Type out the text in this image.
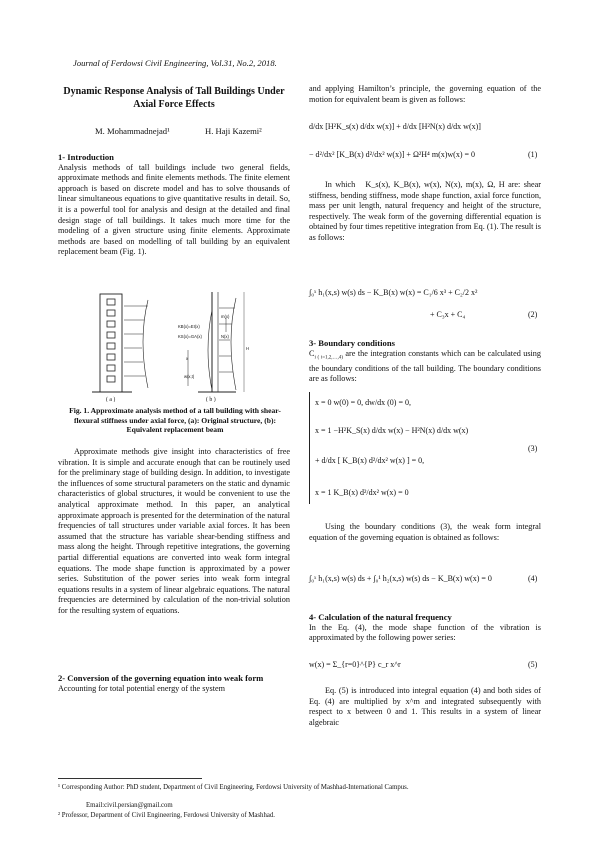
Journal of Ferdowsi Civil Engineering, Vol.31, No.2, 2018.
Dynamic Response Analysis of Tall Buildings Under Axial Force Effects
M. Mohammadnejad¹	H. Haji Kazemi²
1- Introduction

Analysis methods of tall buildings include two general fields, approximate methods and finite elements methods. The finite element approach is based on discrete model and has to solve thousands of linear simultaneous equations to give quantitative results in detail. So, it is a powerful tool for analysis and design at the detailed and final design stage of tall buildings. It takes much more time for the modeling of a given structure using finite elements. Approximate methods are based on modelling of tall building by an equivalent replacement beam (Fig. 1).

KB(x)=EI(x)
KS(x)=GA(x)	N(x)
x
w(x,t)
m(x)
H
( a )	( b )
Fig. 1. Approximate analysis method of a tall building with shear-flexural stiffness under axial force, (a): Original structure, (b): Equivalent replacement beam

Approximate methods give insight into characteristics of free vibration. It is simple and accurate enough that can be routinely used for the preliminary stage of building design. In addition, to investigate the influences of some structural parameters on the static and dynamic characteristics of global structures, it would be convenient to use the analytical approximate method. In this paper, an analytical approximate approach is presented for the determination of the natural frequencies of tall structures under variable axial forces. It has been assumed that the structure has variable shear-bending stiffness and mass along the height. Through repetitive integrations, the governing partial differential equations are converted into weak form integral equations. The mode shape function is approximated by a power series. Substitution of the power series into weak form integral equations results in a system of linear algebraic equations. The natural frequencies are determined by calculation of the non-trivial solution for the resulting system of equations.

2- Conversion of the governing equation into weak form

Accounting for total potential energy of the system

and applying Hamilton’s principle, the governing equation of the motion for equivalent beam is given as follows:

d/dx [H²K_s(x) d/dx w(x)] + d/dx [H²N(x) d/dx w(x)]
− d²/dx² [K_B(x) d²/dx² w(x)] + Ω²H⁴ m(x)w(x) = 0	(1)

In which K_s(x), K_B(x), w(x), N(x), m(x), Ω, H are: shear stiffness, bending stiffness, mode shape function, axial force function, mass per unit length, natural frequency and height of the structure, respectively. The weak form of the governing differential equation is obtained by four times repetitive integration from Eq. (1). The result is as follows:

∫₀ˣ h₁(x,s) w(s) ds − K_B(x) w(x) = C₁/6 x³ + C₂/2 x²
+ C₃x + C₄	(2)
3- Boundary conditions

$C_{i ( i=1,2,\dots,4)}$ are the integration constants which can be calculated using the boundary conditions of the tall building. The boundary conditions are as follows:

x = 0 w(0) = 0, dw/dx (0) = 0,
x = 1 −H²K_S(x) d/dx w(x) − H²N(x) d/dx w(x)
+ d/dx [ K_B(x) d²/dx² w(x) ] = 0,
x = 1 K_B(x) d²/dx² w(x) = 0
(3)

Using the boundary conditions (3), the weak form integral equation of the governing equation is obtained as follows:

∫₀ˣ h₁(x,s) w(s) ds + ∫₀¹ h₂(x,s) w(s) ds − K_B(x) w(x) = 0	(4)
4- Calculation of the natural frequency

In the Eq. (4), the mode shape function of the vibration is approximated by the following power series:

w(x) = Σ_{r=0}^{P} c_r x^r	(5)

Eq. (5) is introduced into integral equation (4) and both sides of Eq. (4) are multiplied by x^m and integrated subsequently with respect to x between 0 and 1. This results in a system of linear algebraic

¹ Corresponding Author: PhD student, Department of Civil Engineering, Ferdowsi University of Mashhad-International Campus.
Email:civil.persian@gmail.com
² Professor, Department of Civil Engineering, Ferdowsi University of Mashhad.
